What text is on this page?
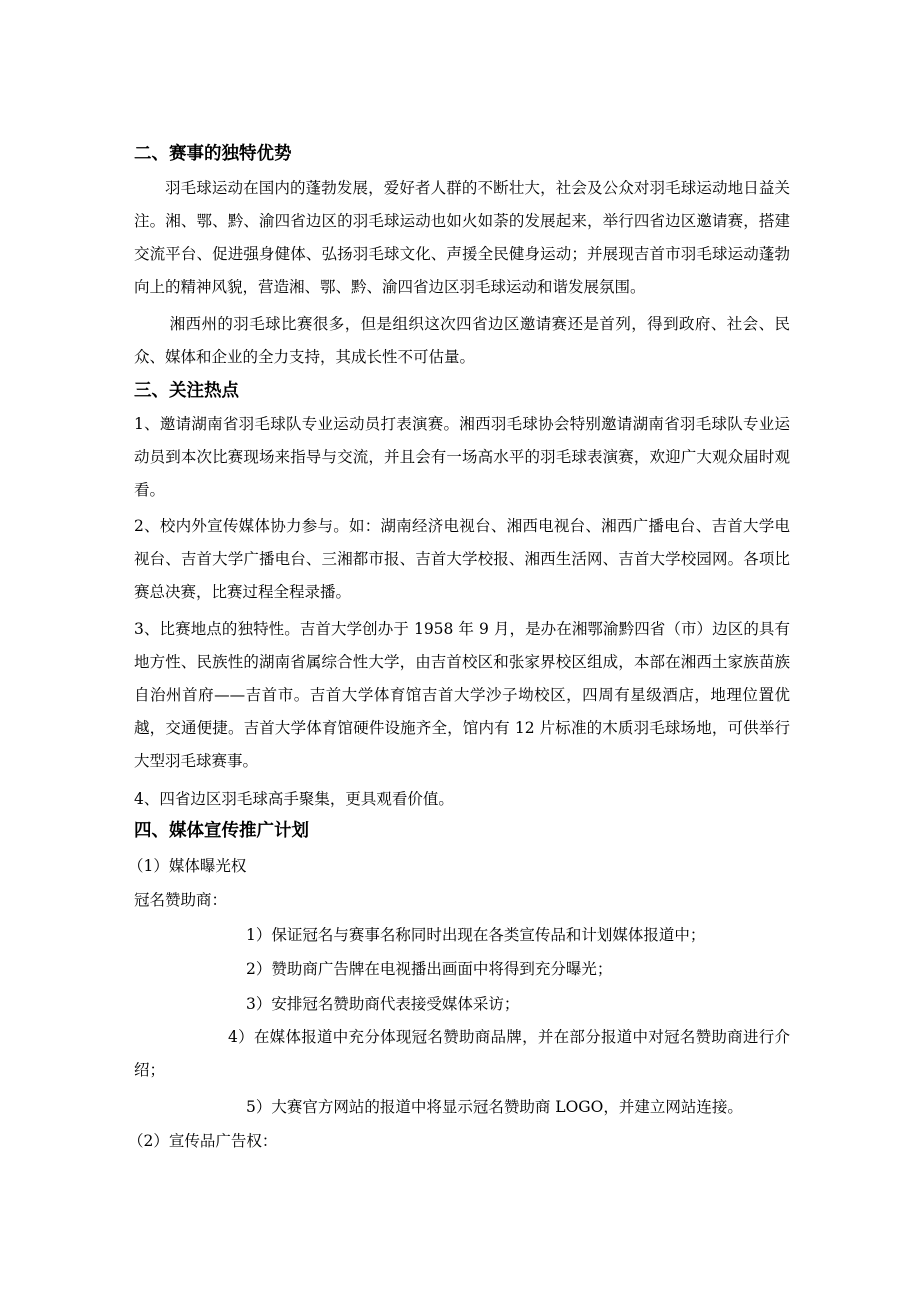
二、赛事的独特优势

羽毛球运动在国内的蓬勃发展，爱好者人群的不断壮大，社会及公众对羽毛球运动地日益关注。湘、鄂、黔、渝四省边区的羽毛球运动也如火如荼的发展起来，举行四省边区邀请赛，搭建交流平台、促进强身健体、弘扬羽毛球文化、声援全民健身运动；并展现吉首市羽毛球运动蓬勃向上的精神风貌，营造湘、鄂、黔、渝四省边区羽毛球运动和谐发展氛围。

湘西州的羽毛球比赛很多，但是组织这次四省边区邀请赛还是首列，得到政府、社会、民众、媒体和企业的全力支持，其成长性不可估量。

三、关注热点

1、邀请湖南省羽毛球队专业运动员打表演赛。湘西羽毛球协会特别邀请湖南省羽毛球队专业运动员到本次比赛现场来指导与交流，并且会有一场高水平的羽毛球表演赛，欢迎广大观众届时观看。

2、校内外宣传媒体协力参与。如：湖南经济电视台、湘西电视台、湘西广播电台、吉首大学电视台、吉首大学广播电台、三湘都市报、吉首大学校报、湘西生活网、吉首大学校园网。各项比赛总决赛，比赛过程全程录播。

3、比赛地点的独特性。吉首大学创办于 1958 年 9 月，是办在湘鄂渝黔四省（市）边区的具有地方性、民族性的湖南省属综合性大学，由吉首校区和张家界校区组成，本部在湘西土家族苗族自治州首府——吉首市。吉首大学体育馆吉首大学沙子坳校区，四周有星级酒店，地理位置优越，交通便捷。吉首大学体育馆硬件设施齐全，馆内有 12 片标准的木质羽毛球场地，可供举行大型羽毛球赛事。

4、四省边区羽毛球高手聚集，更具观看价值。

四、媒体宣传推广计划

（1）媒体曝光权

冠名赞助商：

1）保证冠名与赛事名称同时出现在各类宣传品和计划媒体报道中；

2）赞助商广告牌在电视播出画面中将得到充分曝光；

3）安排冠名赞助商代表接受媒体采访；

4）在媒体报道中充分体现冠名赞助商品牌，并在部分报道中对冠名赞助商进行介绍；

5）大赛官方网站的报道中将显示冠名赞助商 LOGO，并建立网站连接。

（2）宣传品广告权：
